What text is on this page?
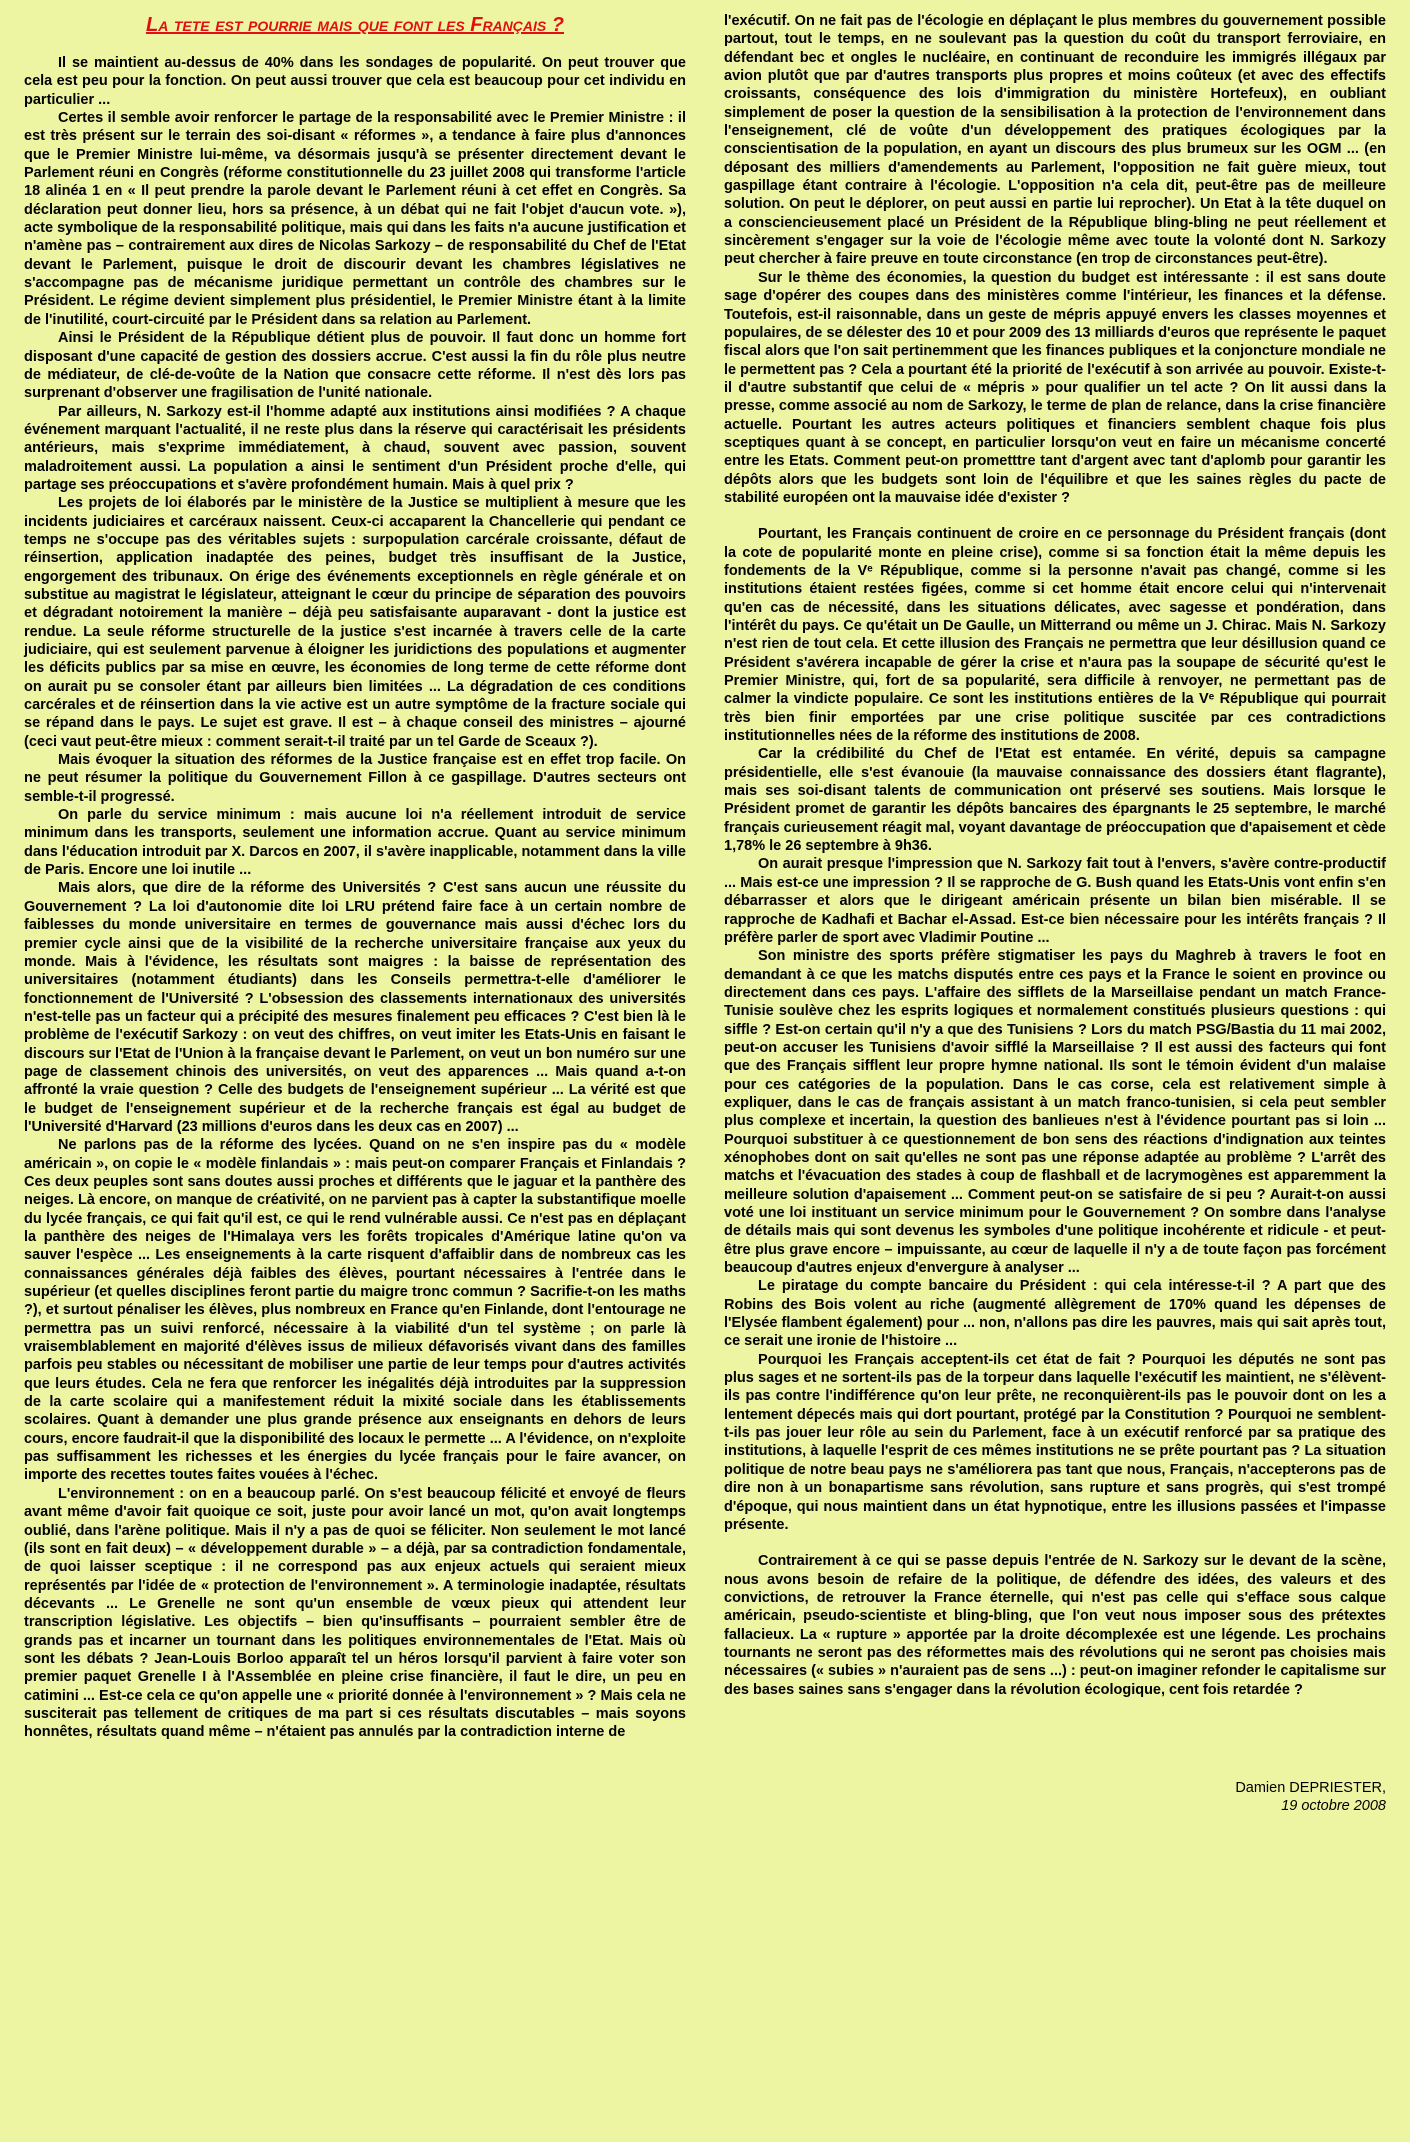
La tete est pourrie mais que font les Français ?

Il se maintient au-dessus de 40% dans les sondages de popularité. On peut trouver que cela est peu pour la fonction. On peut aussi trouver que cela est beaucoup pour cet individu en particulier ...

Certes il semble avoir renforcer le partage de la responsabilité avec le Premier Ministre : il est très présent sur le terrain des soi-disant « réformes », a tendance à faire plus d'annonces que le Premier Ministre lui-même, va désormais jusqu'à se présenter directement devant le Parlement réuni en Congrès (réforme constitutionnelle du 23 juillet 2008 qui transforme l'article 18 alinéa 1 en « Il peut prendre la parole devant le Parlement réuni à cet effet en Congrès. Sa déclaration peut donner lieu, hors sa présence, à un débat qui ne fait l'objet d'aucun vote. »), acte symbolique de la responsabilité politique, mais qui dans les faits n'a aucune justification et n'amène pas – contrairement aux dires de Nicolas Sarkozy – de responsabilité du Chef de l'Etat devant le Parlement, puisque le droit de discourir devant les chambres législatives ne s'accompagne pas de mécanisme juridique permettant un contrôle des chambres sur le Président. Le régime devient simplement plus présidentiel, le Premier Ministre étant à la limite de l'inutilité, court-circuité par le Président dans sa relation au Parlement.

Ainsi le Président de la République détient plus de pouvoir. Il faut donc un homme fort disposant d'une capacité de gestion des dossiers accrue. C'est aussi la fin du rôle plus neutre de médiateur, de clé-de-voûte de la Nation que consacre cette réforme. Il n'est dès lors pas surprenant d'observer une fragilisation de l'unité nationale.

Par ailleurs, N. Sarkozy est-il l'homme adapté aux institutions ainsi modifiées ? A chaque événement marquant l'actualité, il ne reste plus dans la réserve qui caractérisait les présidents antérieurs, mais s'exprime immédiatement, à chaud, souvent avec passion, souvent maladroitement aussi. La population a ainsi le sentiment d'un Président proche d'elle, qui partage ses préoccupations et s'avère profondément humain. Mais à quel prix ?

Les projets de loi élaborés par le ministère de la Justice se multiplient à mesure que les incidents judiciaires et carcéraux naissent. Ceux-ci accaparent la Chancellerie qui pendant ce temps ne s'occupe pas des véritables sujets : surpopulation carcérale croissante, défaut de réinsertion, application inadaptée des peines, budget très insuffisant de la Justice, engorgement des tribunaux. On érige des événements exceptionnels en règle générale et on substitue au magistrat le législateur, atteignant le cœur du principe de séparation des pouvoirs et dégradant notoirement la manière – déjà peu satisfaisante auparavant - dont la justice est rendue. La seule réforme structurelle de la justice s'est incarnée à travers celle de la carte judiciaire, qui est seulement parvenue à éloigner les juridictions des populations et augmenter les déficits publics par sa mise en œuvre, les économies de long terme de cette réforme dont on aurait pu se consoler étant par ailleurs bien limitées ... La dégradation de ces conditions carcérales et de réinsertion dans la vie active est un autre symptôme de la fracture sociale qui se répand dans le pays. Le sujet est grave. Il est – à chaque conseil des ministres – ajourné (ceci vaut peut-être mieux : comment serait-t-il traité par un tel Garde de Sceaux ?).

Mais évoquer la situation des réformes de la Justice française est en effet trop facile. On ne peut résumer la politique du Gouvernement Fillon à ce gaspillage. D'autres secteurs ont semble-t-il progressé.

On parle du service minimum : mais aucune loi n'a réellement introduit de service minimum dans les transports, seulement une information accrue. Quant au service minimum dans l'éducation introduit par X. Darcos en 2007, il s'avère inapplicable, notamment dans la ville de Paris. Encore une loi inutile ...

Mais alors, que dire de la réforme des Universités ? C'est sans aucun une réussite du Gouvernement ? La loi d'autonomie dite loi LRU prétend faire face à un certain nombre de faiblesses du monde universitaire en termes de gouvernance mais aussi d'échec lors du premier cycle ainsi que de la visibilité de la recherche universitaire française aux yeux du monde. Mais à l'évidence, les résultats sont maigres : la baisse de représentation des universitaires (notamment étudiants) dans les Conseils permettra-t-elle d'améliorer le fonctionnement de l'Université ? L'obsession des classements internationaux des universités n'est-telle pas un facteur qui a précipité des mesures finalement peu efficaces ? C'est bien là le problème de l'exécutif Sarkozy : on veut des chiffres, on veut imiter les Etats-Unis en faisant le discours sur l'Etat de l'Union à la française devant le Parlement, on veut un bon numéro sur une page de classement chinois des universités, on veut des apparences ... Mais quand a-t-on affronté la vraie question ? Celle des budgets de l'enseignement supérieur ... La vérité est que le budget de l'enseignement supérieur et de la recherche français est égal au budget de l'Université d'Harvard (23 millions d'euros dans les deux cas en 2007) ...

Ne parlons pas de la réforme des lycées. Quand on ne s'en inspire pas du « modèle américain », on copie le « modèle finlandais » : mais peut-on comparer Français et Finlandais ? Ces deux peuples sont sans doutes aussi proches et différents que le jaguar et la panthère des neiges. Là encore, on manque de créativité, on ne parvient pas à capter la substantifique moelle du lycée français, ce qui fait qu'il est, ce qui le rend vulnérable aussi. Ce n'est pas en déplaçant la panthère des neiges de l'Himalaya vers les forêts tropicales d'Amérique latine qu'on va sauver l'espèce ... Les enseignements à la carte risquent d'affaiblir dans de nombreux cas les connaissances générales déjà faibles des élèves, pourtant nécessaires à l'entrée dans le supérieur (et quelles disciplines feront partie du maigre tronc commun ? Sacrifie-t-on les maths ?), et surtout pénaliser les élèves, plus nombreux en France qu'en Finlande, dont l'entourage ne permettra pas un suivi renforcé, nécessaire à la viabilité d'un tel système ; on parle là vraisemblablement en majorité d'élèves issus de milieux défavorisés vivant dans des familles parfois peu stables ou nécessitant de mobiliser une partie de leur temps pour d'autres activités que leurs études. Cela ne fera que renforcer les inégalités déjà introduites par la suppression de la carte scolaire qui a manifestement réduit la mixité sociale dans les établissements scolaires. Quant à demander une plus grande présence aux enseignants en dehors de leurs cours, encore faudrait-il que la disponibilité des locaux le permette ... A l'évidence, on n'exploite pas suffisamment les richesses et les énergies du lycée français pour le faire avancer, on importe des recettes toutes faites vouées à l'échec.

L'environnement : on en a beaucoup parlé. On s'est beaucoup félicité et envoyé de fleurs avant même d'avoir fait quoique ce soit, juste pour avoir lancé un mot, qu'on avait longtemps oublié, dans l'arène politique. Mais il n'y a pas de quoi se féliciter. Non seulement le mot lancé (ils sont en fait deux) – « développement durable » – a déjà, par sa contradiction fondamentale, de quoi laisser sceptique : il ne correspond pas aux enjeux actuels qui seraient mieux représentés par l'idée de « protection de l'environnement ». A terminologie inadaptée, résultats décevants ... Le Grenelle ne sont qu'un ensemble de vœux pieux qui attendent leur transcription législative. Les objectifs – bien qu'insuffisants – pourraient sembler être de grands pas et incarner un tournant dans les politiques environnementales de l'Etat. Mais où sont les débats ? Jean-Louis Borloo apparaît tel un héros lorsqu'il parvient à faire voter son premier paquet Grenelle I à l'Assemblée en pleine crise financière, il faut le dire, un peu en catimini ... Est-ce cela ce qu'on appelle une « priorité donnée à l'environnement » ? Mais cela ne susciterait pas tellement de critiques de ma part si ces résultats discutables – mais soyons honnêtes, résultats quand même – n'étaient pas annulés par la contradiction interne de

l'exécutif. On ne fait pas de l'écologie en déplaçant le plus membres du gouvernement possible partout, tout le temps, en ne soulevant pas la question du coût du transport ferroviaire, en défendant bec et ongles le nucléaire, en continuant de reconduire les immigrés illégaux par avion plutôt que par d'autres transports plus propres et moins coûteux (et avec des effectifs croissants, conséquence des lois d'immigration du ministère Hortefeux), en oubliant simplement de poser la question de la sensibilisation à la protection de l'environnement dans l'enseignement, clé de voûte d'un développement des pratiques écologiques par la conscientisation de la population, en ayant un discours des plus brumeux sur les OGM ... (en déposant des milliers d'amendements au Parlement, l'opposition ne fait guère mieux, tout gaspillage étant contraire à l'écologie. L'opposition n'a cela dit, peut-être pas de meilleure solution. On peut le déplorer, on peut aussi en partie lui reprocher). Un Etat à la tête duquel on a consciencieusement placé un Président de la République bling-bling ne peut réellement et sincèrement s'engager sur la voie de l'écologie même avec toute la volonté dont N. Sarkozy peut chercher à faire preuve en toute circonstance (en trop de circonstances peut-être).

Sur le thème des économies, la question du budget est intéressante : il est sans doute sage d'opérer des coupes dans des ministères comme l'intérieur, les finances et la défense. Toutefois, est-il raisonnable, dans un geste de mépris appuyé envers les classes moyennes et populaires, de se délester des 10 et pour 2009 des 13 milliards d'euros que représente le paquet fiscal alors que l'on sait pertinemment que les finances publiques et la conjoncture mondiale ne le permettent pas ? Cela a pourtant été la priorité de l'exécutif à son arrivée au pouvoir. Existe-t-il d'autre substantif que celui de « mépris » pour qualifier un tel acte ? On lit aussi dans la presse, comme associé au nom de Sarkozy, le terme de plan de relance, dans la crise financière actuelle. Pourtant les autres acteurs politiques et financiers semblent chaque fois plus sceptiques quant à se concept, en particulier lorsqu'on veut en faire un mécanisme concerté entre les Etats. Comment peut-on prometttre tant d'argent avec tant d'aplomb pour garantir les dépôts alors que les budgets sont loin de l'équilibre et que les saines règles du pacte de stabilité européen ont la mauvaise idée d'exister ?

Pourtant, les Français continuent de croire en ce personnage du Président français (dont la cote de popularité monte en pleine crise), comme si sa fonction était la même depuis les fondements de la Vᵉ République, comme si la personne n'avait pas changé, comme si les institutions étaient restées figées, comme si cet homme était encore celui qui n'intervenait qu'en cas de nécessité, dans les situations délicates, avec sagesse et pondération, dans l'intérêt du pays. Ce qu'était un De Gaulle, un Mitterrand ou même un J. Chirac. Mais N. Sarkozy n'est rien de tout cela. Et cette illusion des Français ne permettra que leur désillusion quand ce Président s'avérera incapable de gérer la crise et n'aura pas la soupape de sécurité qu'est le Premier Ministre, qui, fort de sa popularité, sera difficile à renvoyer, ne permettant pas de calmer la vindicte populaire. Ce sont les institutions entières de la Vᵉ République qui pourrait très bien finir emportées par une crise politique suscitée par ces contradictions institutionnelles nées de la réforme des institutions de 2008.

Car la crédibilité du Chef de l'Etat est entamée. En vérité, depuis sa campagne présidentielle, elle s'est évanouie (la mauvaise connaissance des dossiers étant flagrante), mais ses soi-disant talents de communication ont préservé ses soutiens. Mais lorsque le Président promet de garantir les dépôts bancaires des épargnants le 25 septembre, le marché français curieusement réagit mal, voyant davantage de préoccupation que d'apaisement et cède 1,78% le 26 septembre à 9h36.

On aurait presque l'impression que N. Sarkozy fait tout à l'envers, s'avère contre-productif ... Mais est-ce une impression ? Il se rapproche de G. Bush quand les Etats-Unis vont enfin s'en débarrasser et alors que le dirigeant américain présente un bilan bien misérable. Il se rapproche de Kadhafi et Bachar el-Assad. Est-ce bien nécessaire pour les intérêts français ? Il préfère parler de sport avec Vladimir Poutine ...

Son ministre des sports préfère stigmatiser les pays du Maghreb à travers le foot en demandant à ce que les matchs disputés entre ces pays et la France le soient en province ou directement dans ces pays. L'affaire des sifflets de la Marseillaise pendant un match France-Tunisie soulève chez les esprits logiques et normalement constitués plusieurs questions : qui siffle ? Est-on certain qu'il n'y a que des Tunisiens ? Lors du match PSG/Bastia du 11 mai 2002, peut-on accuser les Tunisiens d'avoir sifflé la Marseillaise ? Il est aussi des facteurs qui font que des Français sifflent leur propre hymne national. Ils sont le témoin évident d'un malaise pour ces catégories de la population. Dans le cas corse, cela est relativement simple à expliquer, dans le cas de français assistant à un match franco-tunisien, si cela peut sembler plus complexe et incertain, la question des banlieues n'est à l'évidence pourtant pas si loin ... Pourquoi substituer à ce questionnement de bon sens des réactions d'indignation aux teintes xénophobes dont on sait qu'elles ne sont pas une réponse adaptée au problème ? L'arrêt des matchs et l'évacuation des stades à coup de flashball et de lacrymogènes est apparemment la meilleure solution d'apaisement ... Comment peut-on se satisfaire de si peu ? Aurait-t-on aussi voté une loi instituant un service minimum pour le Gouvernement ? On sombre dans l'analyse de détails mais qui sont devenus les symboles d'une politique incohérente et ridicule - et peut-être plus grave encore – impuissante, au cœur de laquelle il n'y a de toute façon pas forcément beaucoup d'autres enjeux d'envergure à analyser ...

Le piratage du compte bancaire du Président : qui cela intéresse-t-il ? A part que des Robins des Bois volent au riche (augmenté allègrement de 170% quand les dépenses de l'Elysée flambent également) pour ... non, n'allons pas dire les pauvres, mais qui sait après tout, ce serait une ironie de l'histoire ...

Pourquoi les Français acceptent-ils cet état de fait ? Pourquoi les députés ne sont pas plus sages et ne sortent-ils pas de la torpeur dans laquelle l'exécutif les maintient, ne s'élèvent-ils pas contre l'indifférence qu'on leur prête, ne reconquièrent-ils pas le pouvoir dont on les a lentement dépecés mais qui dort pourtant, protégé par la Constitution ? Pourquoi ne semblent-t-ils pas jouer leur rôle au sein du Parlement, face à un exécutif renforcé par sa pratique des institutions, à laquelle l'esprit de ces mêmes institutions ne se prête pourtant pas ? La situation politique de notre beau pays ne s'améliorera pas tant que nous, Français, n'accepterons pas de dire non à un bonapartisme sans révolution, sans rupture et sans progrès, qui s'est trompé d'époque, qui nous maintient dans un état hypnotique, entre les illusions passées et l'impasse présente.

Contrairement à ce qui se passe depuis l'entrée de N. Sarkozy sur le devant de la scène, nous avons besoin de refaire de la politique, de défendre des idées, des valeurs et des convictions, de retrouver la France éternelle, qui n'est pas celle qui s'efface sous calque américain, pseudo-scientiste et bling-bling, que l'on veut nous imposer sous des prétextes fallacieux. La « rupture » apportée par la droite décomplexée est une légende. Les prochains tournants ne seront pas des réformettes mais des révolutions qui ne seront pas choisies mais nécessaires (« subies » n'auraient pas de sens ...) : peut-on imaginer refonder le capitalisme sur des bases saines sans s'engager dans la révolution écologique, cent fois retardée ?

Damien DEPRIESTER,
19 octobre 2008
